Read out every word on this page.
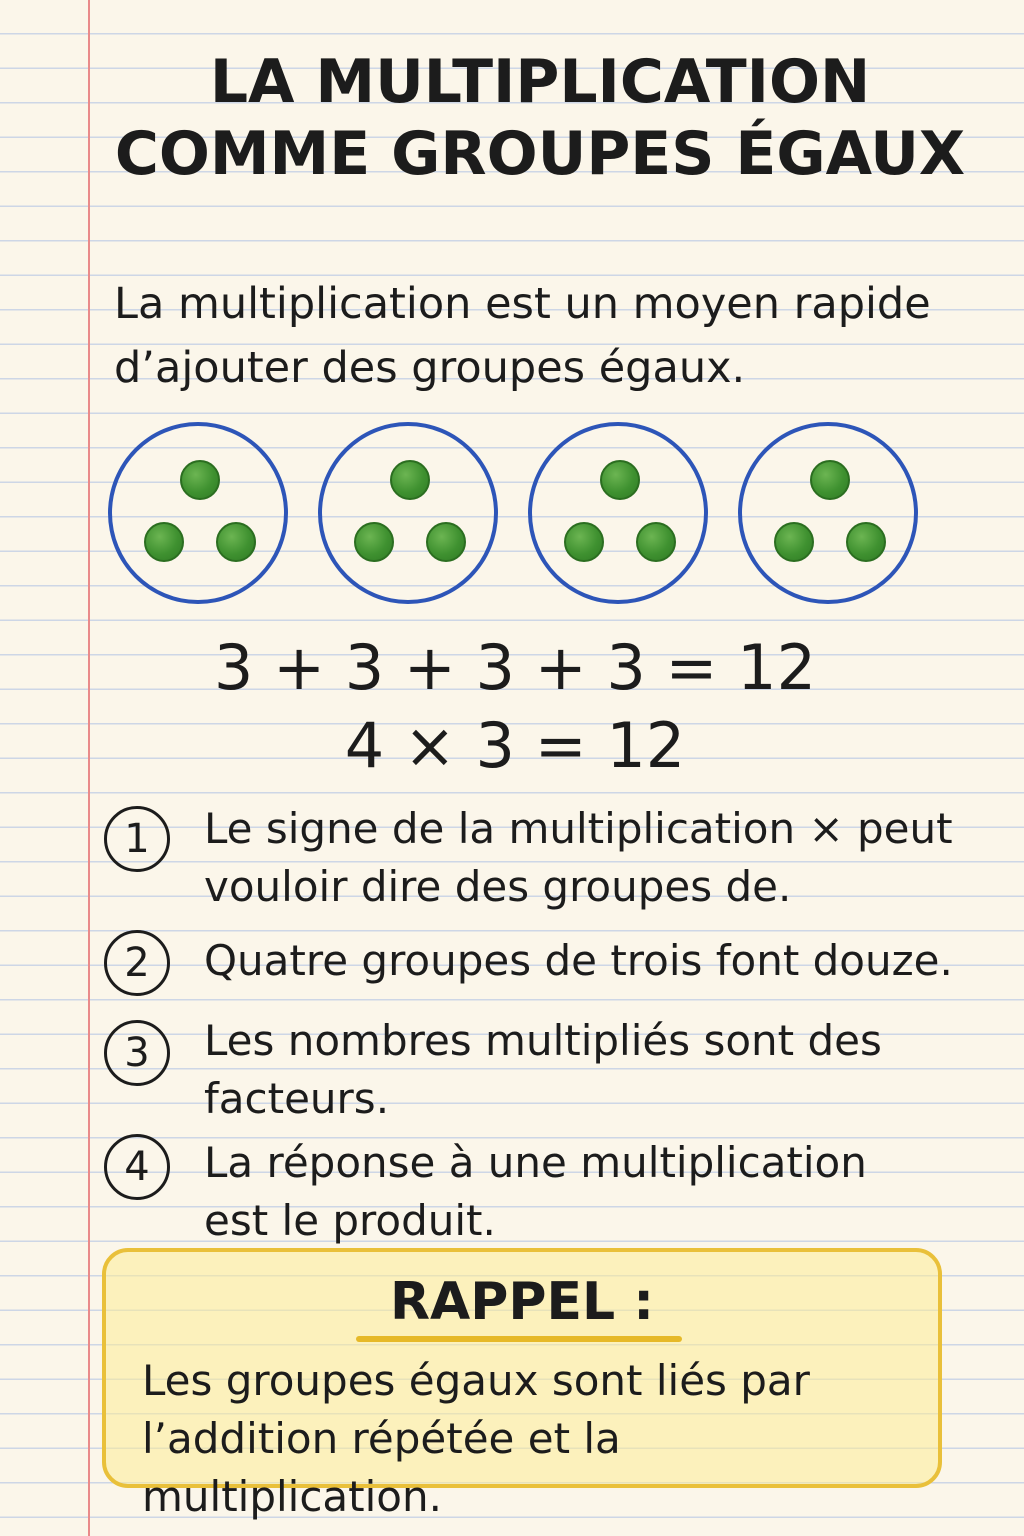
LA MULTIPLICATION
COMME GROUPES ÉGAUX

La multiplication est un moyen rapide
d’ajouter des groupes égaux.

3 + 3 + 3 + 3 = 12

4 × 3 = 12

1	Le signe de la multiplication × peut
vouloir dire des groupes de.

2	Quatre groupes de trois font douze.

3	Les nombres multipliés sont des
facteurs.

4	La réponse à une multiplication
est le produit.

RAPPEL :

Les groupes égaux sont liés par
l’addition répétée et la multiplication.
